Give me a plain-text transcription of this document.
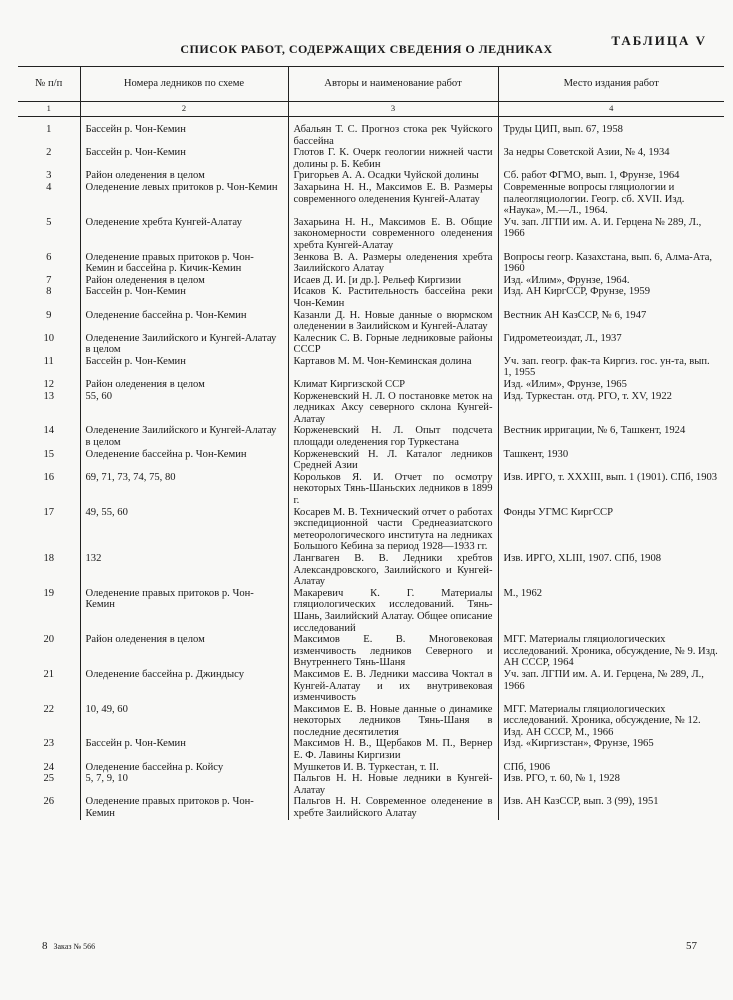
ТАБЛИЦА V
СПИСОК РАБОТ, СОДЕРЖАЩИХ СВЕДЕНИЯ О ЛЕДНИКАХ
№ п/п	Номера ледников по схеме	Авторы и наименование работ	Место издания работ
1	2	3	4

1	Бассейн р. Чон-Кемин	Абальян Т. С. Прогноз стока рек Чуйского бассейна	Труды ЦИП, вып. 67, 1958
2	Бассейн р. Чон-Кемин	Глотов Г. К. Очерк геологии нижней части долины р. Б. Кебин	За недры Советской Азии, № 4, 1934
3	Район оледенения в целом	Григорьев А. А. Осадки Чуйской долины	Сб. работ ФГМО, вып. 1, Фрунзе, 1964
4	Оледенение левых притоков р. Чон-Кемин	Захарьина Н. Н., Максимов Е. В. Размеры современного оледенения Кунгей-Алатау	Современные вопросы гляциологии и палеогляциологии. Геогр. сб. XVII. Изд. «Наука», М.—Л., 1964.
5	Оледенение хребта Кунгей-Алатау	Захарьина Н. Н., Максимов Е. В. Общие закономерности современного оледенения хребта Кунгей-Алатау	Уч. зап. ЛГПИ им. А. И. Герцена № 289, Л., 1966
6	Оледенение правых притоков р. Чон-Кемин и бассейна р. Кичик-Кемин	Зенкова В. А. Размеры оледенения хребта Заилийского Алатау	Вопросы геогр. Казахстана, вып. 6, Алма-Ата, 1960
7	Район оледенения в целом	Исаев Д. И. [и др.]. Рельеф Киргизии	Изд. «Илим», Фрунзе, 1964.
8	Бассейн р. Чон-Кемин	Исаков К. Растительность бассейна реки Чон-Кемин	Изд. АН КиргССР, Фрунзе, 1959
9	Оледенение бассейна р. Чон-Кемин	Казанли Д. Н. Новые данные о вюрмском оледенении в Заилийском и Кунгей-Алатау	Вестник АН КазССР, № 6, 1947
10	Оледенение Заилийского и Кунгей-Алатау в целом	Калесник С. В. Горные ледниковые районы СССР	Гидрометеоиздат, Л., 1937
11	Бассейн р. Чон-Кемин	Картавов М. М. Чон-Кеминская долина	Уч. зап. геогр. фак-та Киргиз. гос. ун-та, вып. 1, 1955
12	Район оледенения в целом	Климат Киргизской ССР	Изд. «Илим», Фрунзе, 1965
13	55, 60	Корженевский Н. Л. О постановке меток на ледниках Аксу северного склона Кунгей-Алатау	Изд. Туркестан. отд. РГО, т. XV, 1922
14	Оледенение Заилийского и Кунгей-Алатау в целом	Корженевский Н. Л. Опыт подсчета площади оледенения гор Туркестана	Вестник ирригации, № 6, Ташкент, 1924
15	Оледенение бассейна р. Чон-Кемин	Корженевский Н. Л. Каталог ледников Средней Азии	Ташкент, 1930
16	69, 71, 73, 74, 75, 80	Корольков Я. И. Отчет по осмотру некоторых Тянь-Шаньских ледников в 1899 г.	Изв. ИРГО, т. XXXIII, вып. 1 (1901). СПб, 1903
17	49, 55, 60	Косарев М. В. Технический отчет о работах экспедиционной части Среднеазиатского метеорологического института на ледниках Большого Кебина за период 1928—1933 гг.	Фонды УГМС КиргССР
18	132	Лангваген В. В. Ледники хребтов Александровского, Заилийского и Кунгей-Алатау	Изв. ИРГО, XLIII, 1907. СПб, 1908
19	Оледенение правых притоков р. Чон-Кемин	Макаревич К. Г. Материалы гляциологических исследований. Тянь-Шань, Заилийский Алатау. Общее описание исследований	М., 1962
20	Район оледенения в целом	Максимов Е. В. Многовековая изменчивость ледников Северного и Внутреннего Тянь-Шаня	МГГ. Материалы гляциологических исследований. Хроника, обсуждение, № 9. Изд. АН СССР, 1964
21	Оледенение бассейна р. Джиндысу	Максимов Е. В. Ледники массива Чоктал в Кунгей-Алатау и их внутривековая изменчивость	Уч. зап. ЛГПИ им. А. И. Герцена, № 289, Л., 1966
22	10, 49, 60	Максимов Е. В. Новые данные о динамике некоторых ледников Тянь-Шаня в последние десятилетия	МГГ. Материалы гляциологических исследований. Хроника, обсуждение, № 12. Изд. АН СССР, М., 1966
23	Бассейн р. Чон-Кемин	Максимов Н. В., Щербаков М. П., Вернер Е. Ф. Лавины Киргизии	Изд. «Киргизстан», Фрунзе, 1965
24	Оледенение бассейна р. Койсу	Мушкетов И. В. Туркестан, т. II.	СПб, 1906
25	5, 7, 9, 10	Пальгов Н. Н. Новые ледники в Кунгей-Алатау	Изв. РГО, т. 60, № 1, 1928
26	Оледенение правых притоков р. Чон-Кемин	Пальгов Н. Н. Современное оледенение в хребте Заилийского Алатау	Изв. АН КазССР, вып. 3 (99), 1951
8 Заказ № 566	57
